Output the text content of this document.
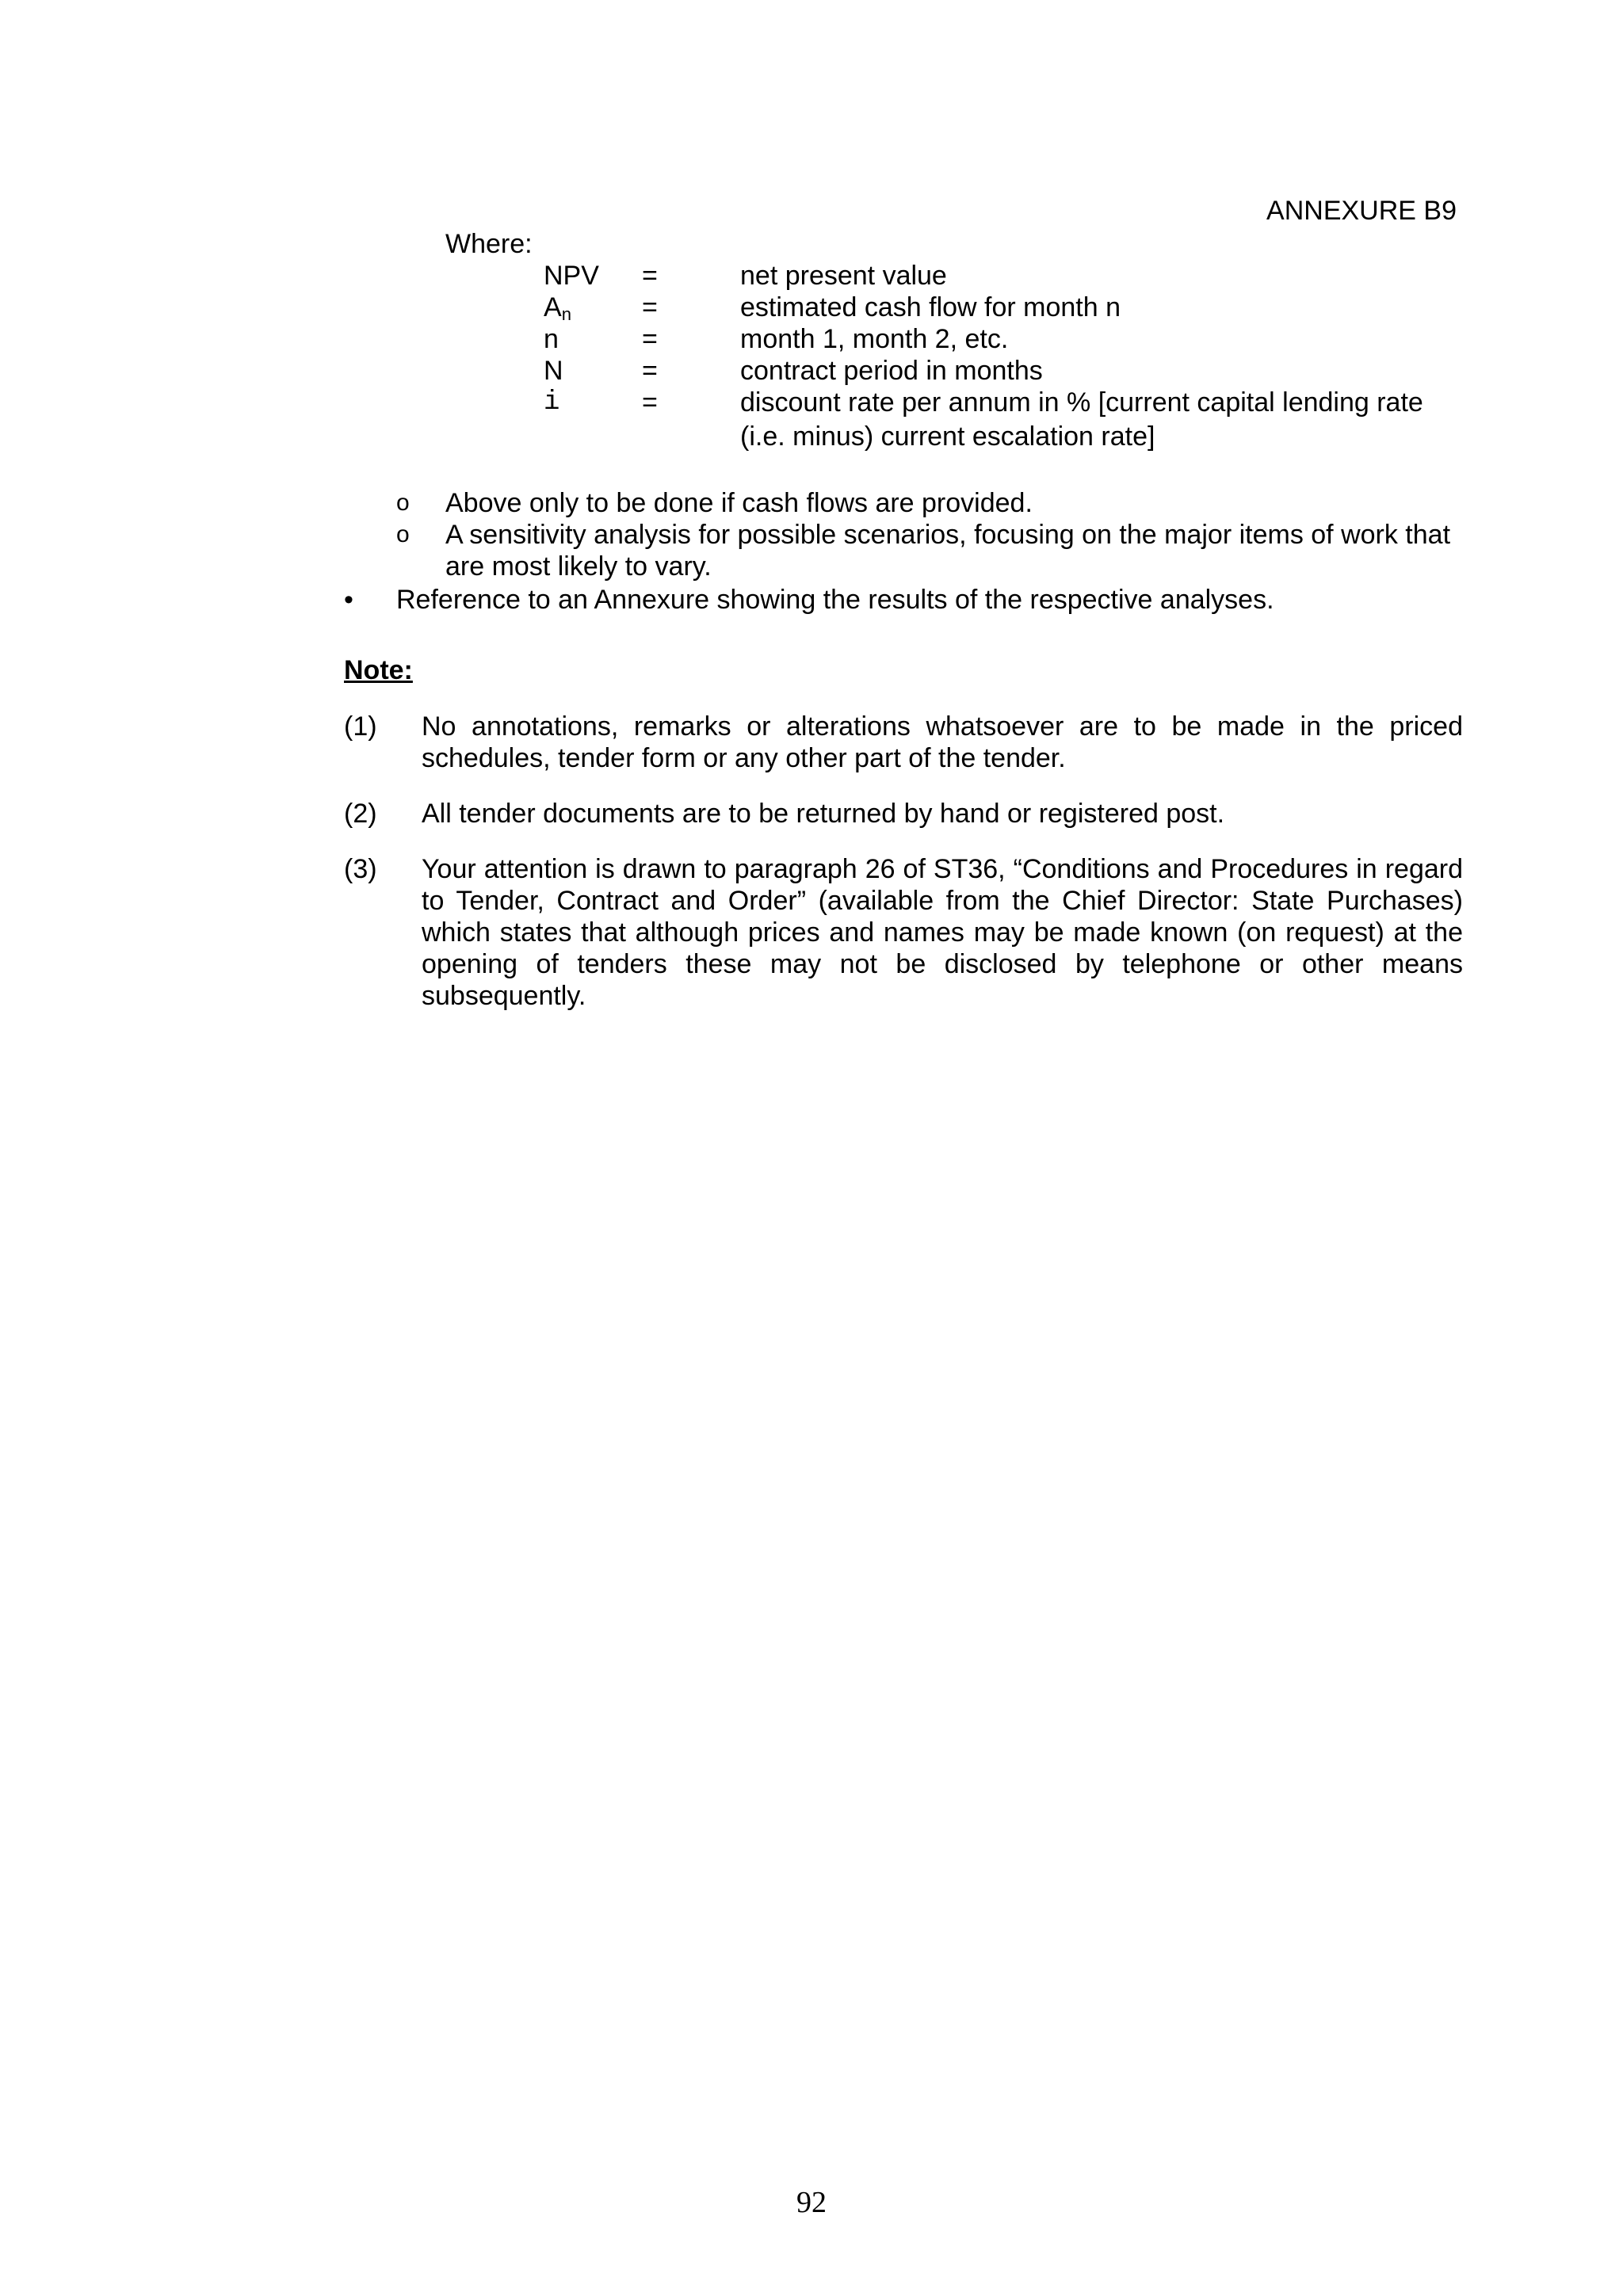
ANNEXURE B9
Where:
NPV	=	net present value
$A_n$	=	estimated cash flow for month n
n	=	month 1, month 2, etc.
N	=	contract period in months
i	=	discount rate per annum in % [current capital lending rate
(i.e. minus) current escalation rate]
o	Above only to be done if cash flows are provided.
o	A sensitivity analysis for possible scenarios, focusing on the major items of work that are most likely to vary.
•	Reference to an Annexure showing the results of the respective analyses.
Note:
(1)	No annotations, remarks or alterations whatsoever are to be made in the priced schedules, tender form or any other part of the tender.
(2)	All tender documents are to be returned by hand or registered post.
(3)	Your attention is drawn to paragraph 26 of ST36, “Conditions and Procedures in regard to Tender, Contract and Order” (available from the Chief Director: State Purchases) which states that although prices and names may be made known (on request) at the opening of tenders these may not be disclosed by telephone or other means subsequently.
92
